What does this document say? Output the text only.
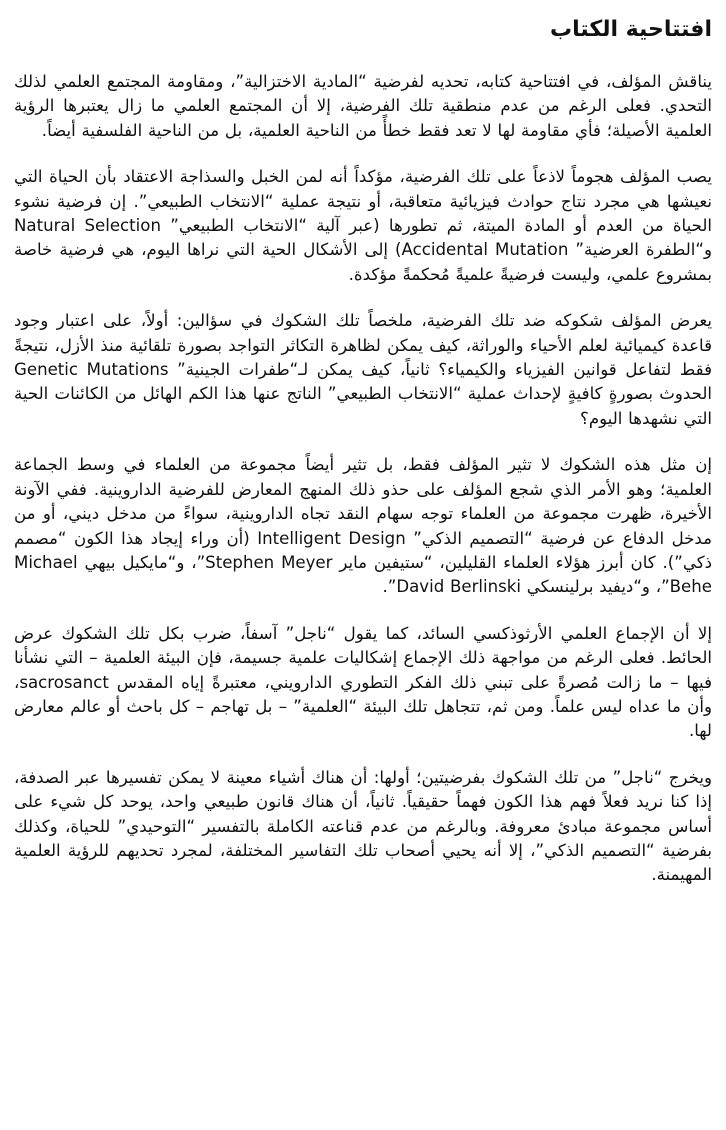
افتتاحية الكتاب

يناقش المؤلف، في افتتاحية كتابه، تحديه لفرضية “المادية الاختزالية”، ومقاومة المجتمع العلمي لذلك التحدي. فعلى الرغم من عدم منطقية تلك الفرضية، إلا أن المجتمع العلمي ما زال يعتبرها الرؤية العلمية الأصيلة؛ فأي مقاومة لها لا تعد فقط خطأً من الناحية العلمية، بل من الناحية الفلسفية أيضاً.

يصب المؤلف هجوماً لاذعاً على تلك الفرضية، مؤكداً أنه لمن الخبل والسذاجة الاعتقاد بأن الحياة التي نعيشها هي مجرد نتاج حوادث فيزيائية متعاقبة، أو نتيجة عملية “الانتخاب الطبيعي”. إن فرضية نشوء الحياة من العدم أو المادة الميتة، ثم تطورها (عبر آلية “الانتخاب الطبيعي” Natural Selection و“الطفرة العرضية” Accidental Mutation) إلى الأشكال الحية التي نراها اليوم، هي فرضية خاصة بمشروع علمي، وليست فرضيةً علميةً مُحكمةً مؤكدة.

يعرض المؤلف شكوكه ضد تلك الفرضية، ملخصاً تلك الشكوك في سؤالين: أولاً، على اعتبار وجود قاعدة كيميائية لعلم الأحياء والوراثة، كيف يمكن لظاهرة التكاثر التواجد بصورة تلقائية منذ الأزل، نتيجةً فقط لتفاعل قوانين الفيزياء والكيمياء؟ ثانياً، كيف يمكن لـ“طفرات الجينية” Genetic Mutations الحدوث بصورةٍ كافيةٍ لإحداث عملية “الانتخاب الطبيعي” الناتج عنها هذا الكم الهائل من الكائنات الحية التي نشهدها اليوم؟

إن مثل هذه الشكوك لا تثير المؤلف فقط، بل تثير أيضاً مجموعة من العلماء في وسط الجماعة العلمية؛ وهو الأمر الذي شجع المؤلف على حذو ذلك المنهج المعارض للفرضية الداروينية. ففي الآونة الأخيرة، ظهرت مجموعة من العلماء توجه سهام النقد تجاه الداروينية، سواءً من مدخل ديني، أو من مدخل الدفاع عن فرضية “التصميم الذكي” Intelligent Design (أن وراء إيجاد هذا الكون “مصمم ذكي”). كان أبرز هؤلاء العلماء القليلين، “ستيفين ماير Stephen Meyer”، و“مايكيل بيهي Michael Behe”، و“ديفيد برلينسكي David Berlinski”.

إلا أن الإجماع العلمي الأرثوذكسي السائد، كما يقول “ناجل” آسفاً، ضرب بكل تلك الشكوك عرض الحائط. فعلى الرغم من مواجهة ذلك الإجماع إشكاليات علمية جسيمة، فإن البيئة العلمية – التي نشأنا فيها – ما زالت مُصرةً على تبني ذلك الفكر التطوري الدارويني، معتبرةً إياه المقدس sacrosanct، وأن ما عداه ليس علماً. ومن ثم، تتجاهل تلك البيئة “العلمية” – بل تهاجم – كل باحث أو عالم معارض لها.

ويخرج “ناجل” من تلك الشكوك بفرضيتين؛ أولها: أن هناك أشياء معينة لا يمكن تفسيرها عبر الصدفة، إذا كنا نريد فعلاً فهم هذا الكون فهماً حقيقياً. ثانياً، أن هناك قانون طبيعي واحد، يوحد كل شيء على أساس مجموعة مبادئ معروفة. وبالرغم من عدم قناعته الكاملة بالتفسير “التوحيدي” للحياة، وكذلك بفرضية “التصميم الذكي”، إلا أنه يحيي أصحاب تلك التفاسير المختلفة، لمجرد تحديهم للرؤية العلمية المهيمنة.
